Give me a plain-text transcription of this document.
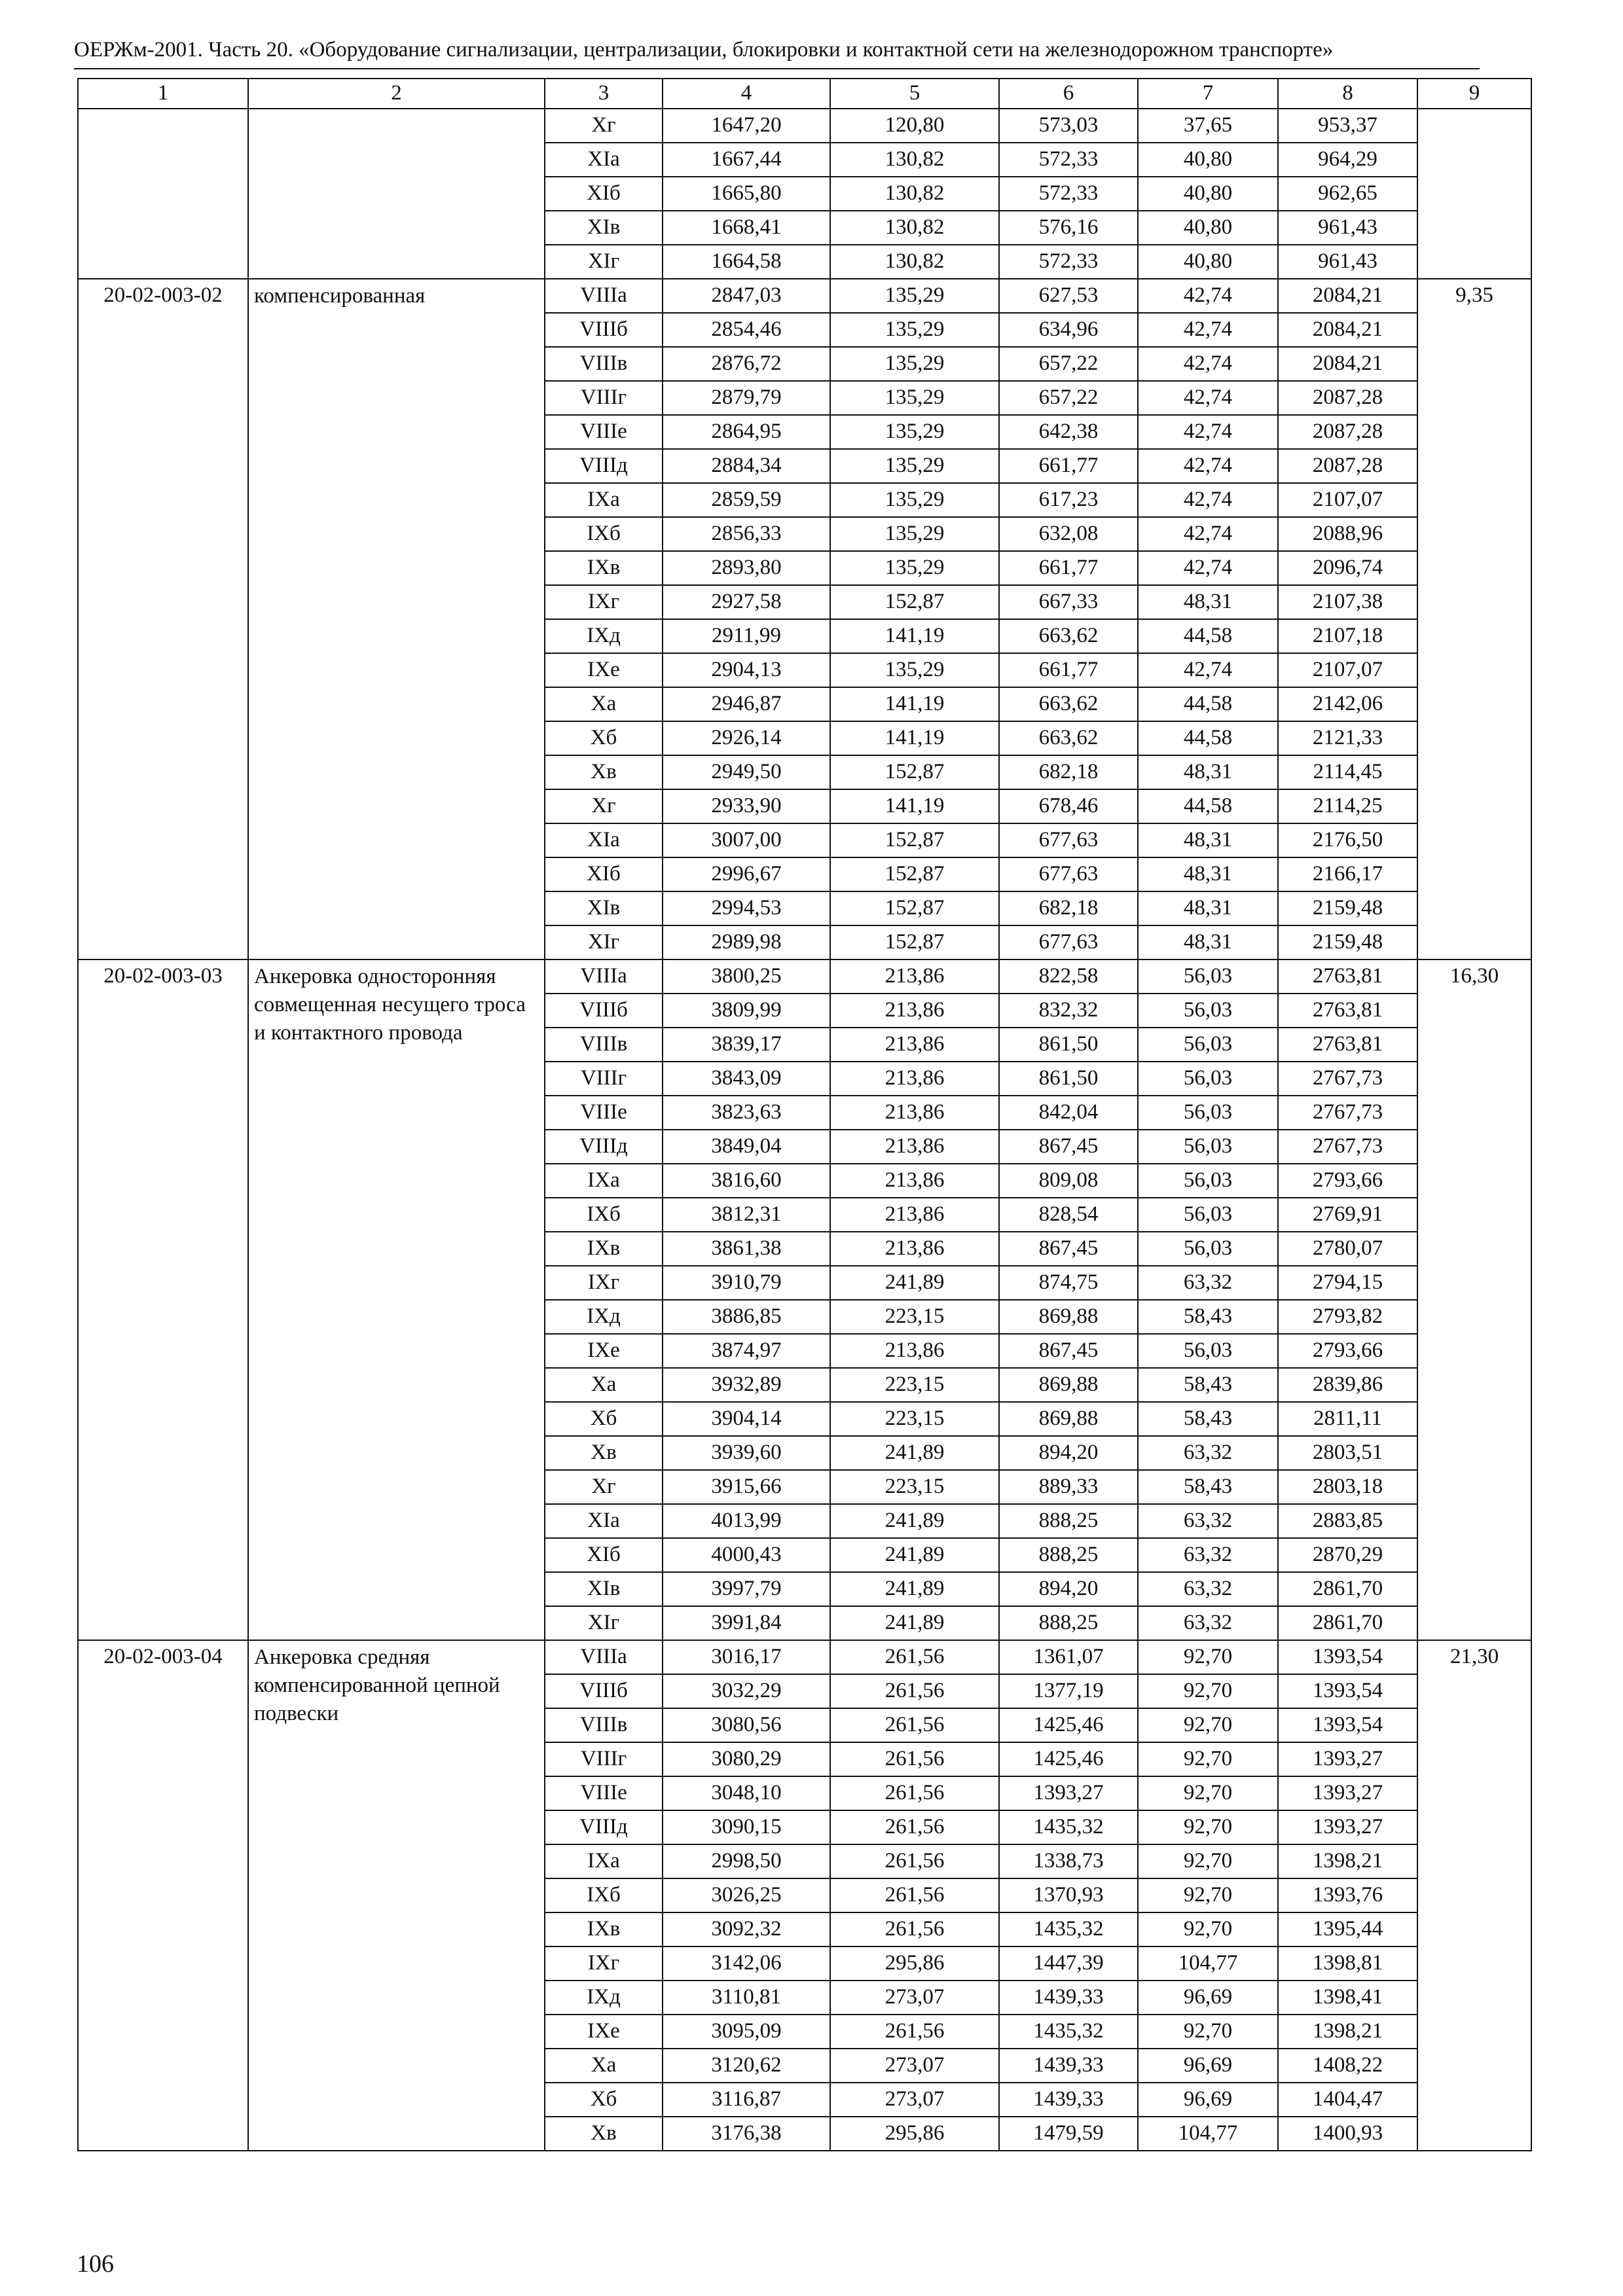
ОЕРЖм-2001. Часть 20. «Оборудование сигнализации, централизации, блокировки и контактной сети на железнодорожном транспорте»
1	2	3	4	5	6	7	8	9
		Xг	1647,20	120,80	573,03	37,65	953,37	
		XIа	1667,44	130,82	572,33	40,80	964,29	
		XIб	1665,80	130,82	572,33	40,80	962,65	
		XIв	1668,41	130,82	576,16	40,80	961,43	
		XIг	1664,58	130,82	572,33	40,80	961,43	
20-02-003-02	компенсированная	VIIIа	2847,03	135,29	627,53	42,74	2084,21	9,35
		VIIIб	2854,46	135,29	634,96	42,74	2084,21	
		VIIIв	2876,72	135,29	657,22	42,74	2084,21	
		VIIIг	2879,79	135,29	657,22	42,74	2087,28	
		VIIIе	2864,95	135,29	642,38	42,74	2087,28	
		VIIIд	2884,34	135,29	661,77	42,74	2087,28	
		IXа	2859,59	135,29	617,23	42,74	2107,07	
		IXб	2856,33	135,29	632,08	42,74	2088,96	
		IXв	2893,80	135,29	661,77	42,74	2096,74	
		IXг	2927,58	152,87	667,33	48,31	2107,38	
		IXд	2911,99	141,19	663,62	44,58	2107,18	
		IXе	2904,13	135,29	661,77	42,74	2107,07	
		Xа	2946,87	141,19	663,62	44,58	2142,06	
		Xб	2926,14	141,19	663,62	44,58	2121,33	
		Xв	2949,50	152,87	682,18	48,31	2114,45	
		Xг	2933,90	141,19	678,46	44,58	2114,25	
		XIа	3007,00	152,87	677,63	48,31	2176,50	
		XIб	2996,67	152,87	677,63	48,31	2166,17	
		XIв	2994,53	152,87	682,18	48,31	2159,48	
		XIг	2989,98	152,87	677,63	48,31	2159,48	
20-02-003-03	Анкеровка односторонняя совмещенная несущего троса и контактного провода	VIIIа	3800,25	213,86	822,58	56,03	2763,81	16,30
		VIIIб	3809,99	213,86	832,32	56,03	2763,81	
		VIIIв	3839,17	213,86	861,50	56,03	2763,81	
		VIIIг	3843,09	213,86	861,50	56,03	2767,73	
		VIIIе	3823,63	213,86	842,04	56,03	2767,73	
		VIIIд	3849,04	213,86	867,45	56,03	2767,73	
		IXа	3816,60	213,86	809,08	56,03	2793,66	
		IXб	3812,31	213,86	828,54	56,03	2769,91	
		IXв	3861,38	213,86	867,45	56,03	2780,07	
		IXг	3910,79	241,89	874,75	63,32	2794,15	
		IXд	3886,85	223,15	869,88	58,43	2793,82	
		IXе	3874,97	213,86	867,45	56,03	2793,66	
		Xа	3932,89	223,15	869,88	58,43	2839,86	
		Xб	3904,14	223,15	869,88	58,43	2811,11	
		Xв	3939,60	241,89	894,20	63,32	2803,51	
		Xг	3915,66	223,15	889,33	58,43	2803,18	
		XIа	4013,99	241,89	888,25	63,32	2883,85	
		XIб	4000,43	241,89	888,25	63,32	2870,29	
		XIв	3997,79	241,89	894,20	63,32	2861,70	
		XIг	3991,84	241,89	888,25	63,32	2861,70	
20-02-003-04	Анкеровка средняя компенсированной цепной подвески	VIIIа	3016,17	261,56	1361,07	92,70	1393,54	21,30
		VIIIб	3032,29	261,56	1377,19	92,70	1393,54	
		VIIIв	3080,56	261,56	1425,46	92,70	1393,54	
		VIIIг	3080,29	261,56	1425,46	92,70	1393,27	
		VIIIе	3048,10	261,56	1393,27	92,70	1393,27	
		VIIIд	3090,15	261,56	1435,32	92,70	1393,27	
		IXа	2998,50	261,56	1338,73	92,70	1398,21	
		IXб	3026,25	261,56	1370,93	92,70	1393,76	
		IXв	3092,32	261,56	1435,32	92,70	1395,44	
		IXг	3142,06	295,86	1447,39	104,77	1398,81	
		IXд	3110,81	273,07	1439,33	96,69	1398,41	
		IXе	3095,09	261,56	1435,32	92,70	1398,21	
		Xа	3120,62	273,07	1439,33	96,69	1408,22	
		Xб	3116,87	273,07	1439,33	96,69	1404,47	
		Xв	3176,38	295,86	1479,59	104,77	1400,93	
106
